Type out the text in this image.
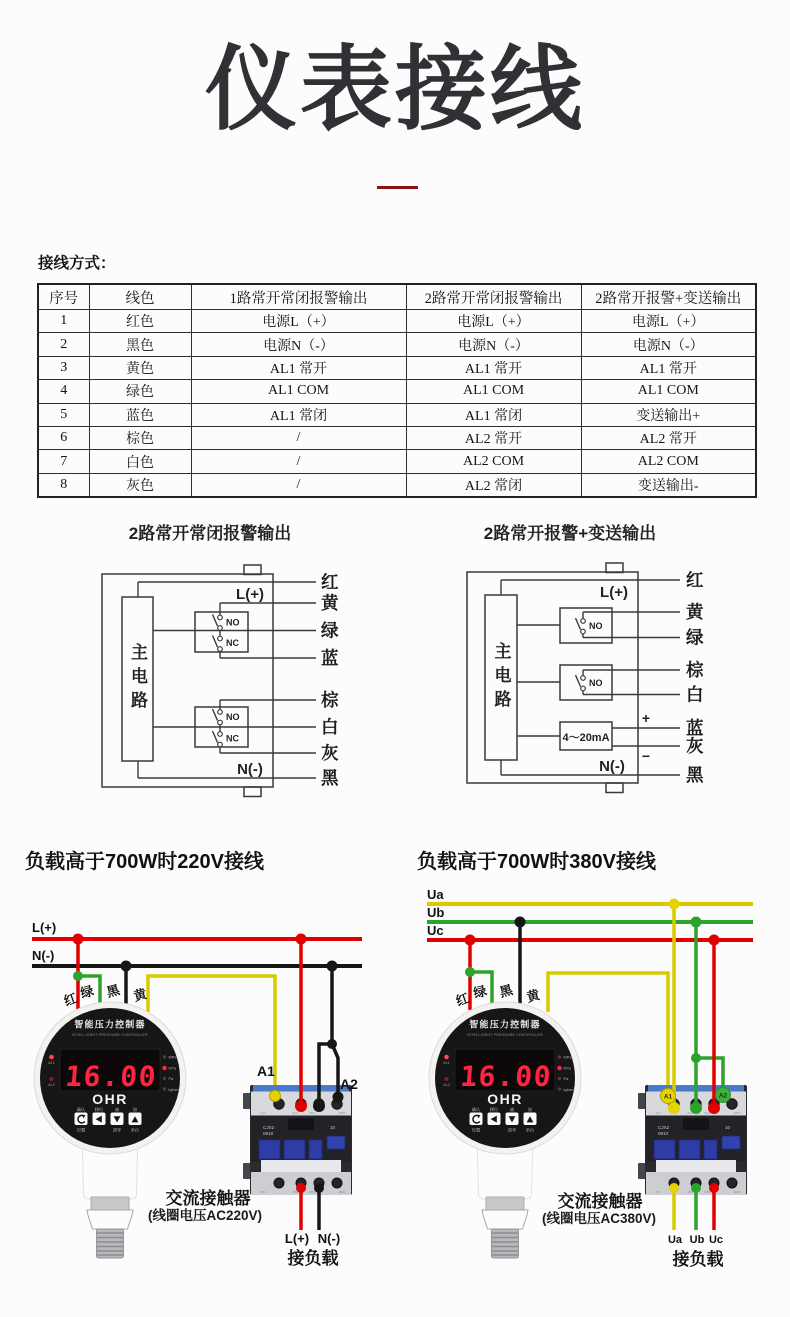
仪表接线
接线方式：
序号	线色	1路常开常闭报警输出	2路常开常闭报警输出	2路常开报警+变送输出
1	红色	电源L（+）	电源L（+）	电源L（+）
2	黑色	电源N（-）	电源N（-）	电源N（-）
3	黄色	AL1 常开	AL1 常开	AL1 常开
4	绿色	AL1 COM	AL1 COM	AL1 COM
5	蓝色	AL1 常闭	AL1 常闭	变送输出+
6	棕色	/	AL2 常开	AL2 常开
7	白色	/	AL2 COM	AL2 COM
8	灰色	/	AL2 常闭	变送输出-
2路常开常闭报警输出	2路常开报警+变送输出
NO
NC
NO
NC
L(+)
N(-)
红
黄
绿
蓝
棕
白
灰
黑
主电路
NO
NO
4～20mA
+
−
L(+)
N(-)
红
黄
绿
棕
白
蓝
灰
黑
主电路
负载高于700W时220V接线	负载高于700W时380V接线
L(+)
N(-)
红 绿 黑 黄
A1
A2
L(+) N(-)
接负载
交流接触器
(线圈电压AC220V)
Ua
Ub
Uc
红 绿 黑 黄
A1	A2
Ua Ub Uc
接负载
交流接触器
(线圈电压AC380V)
